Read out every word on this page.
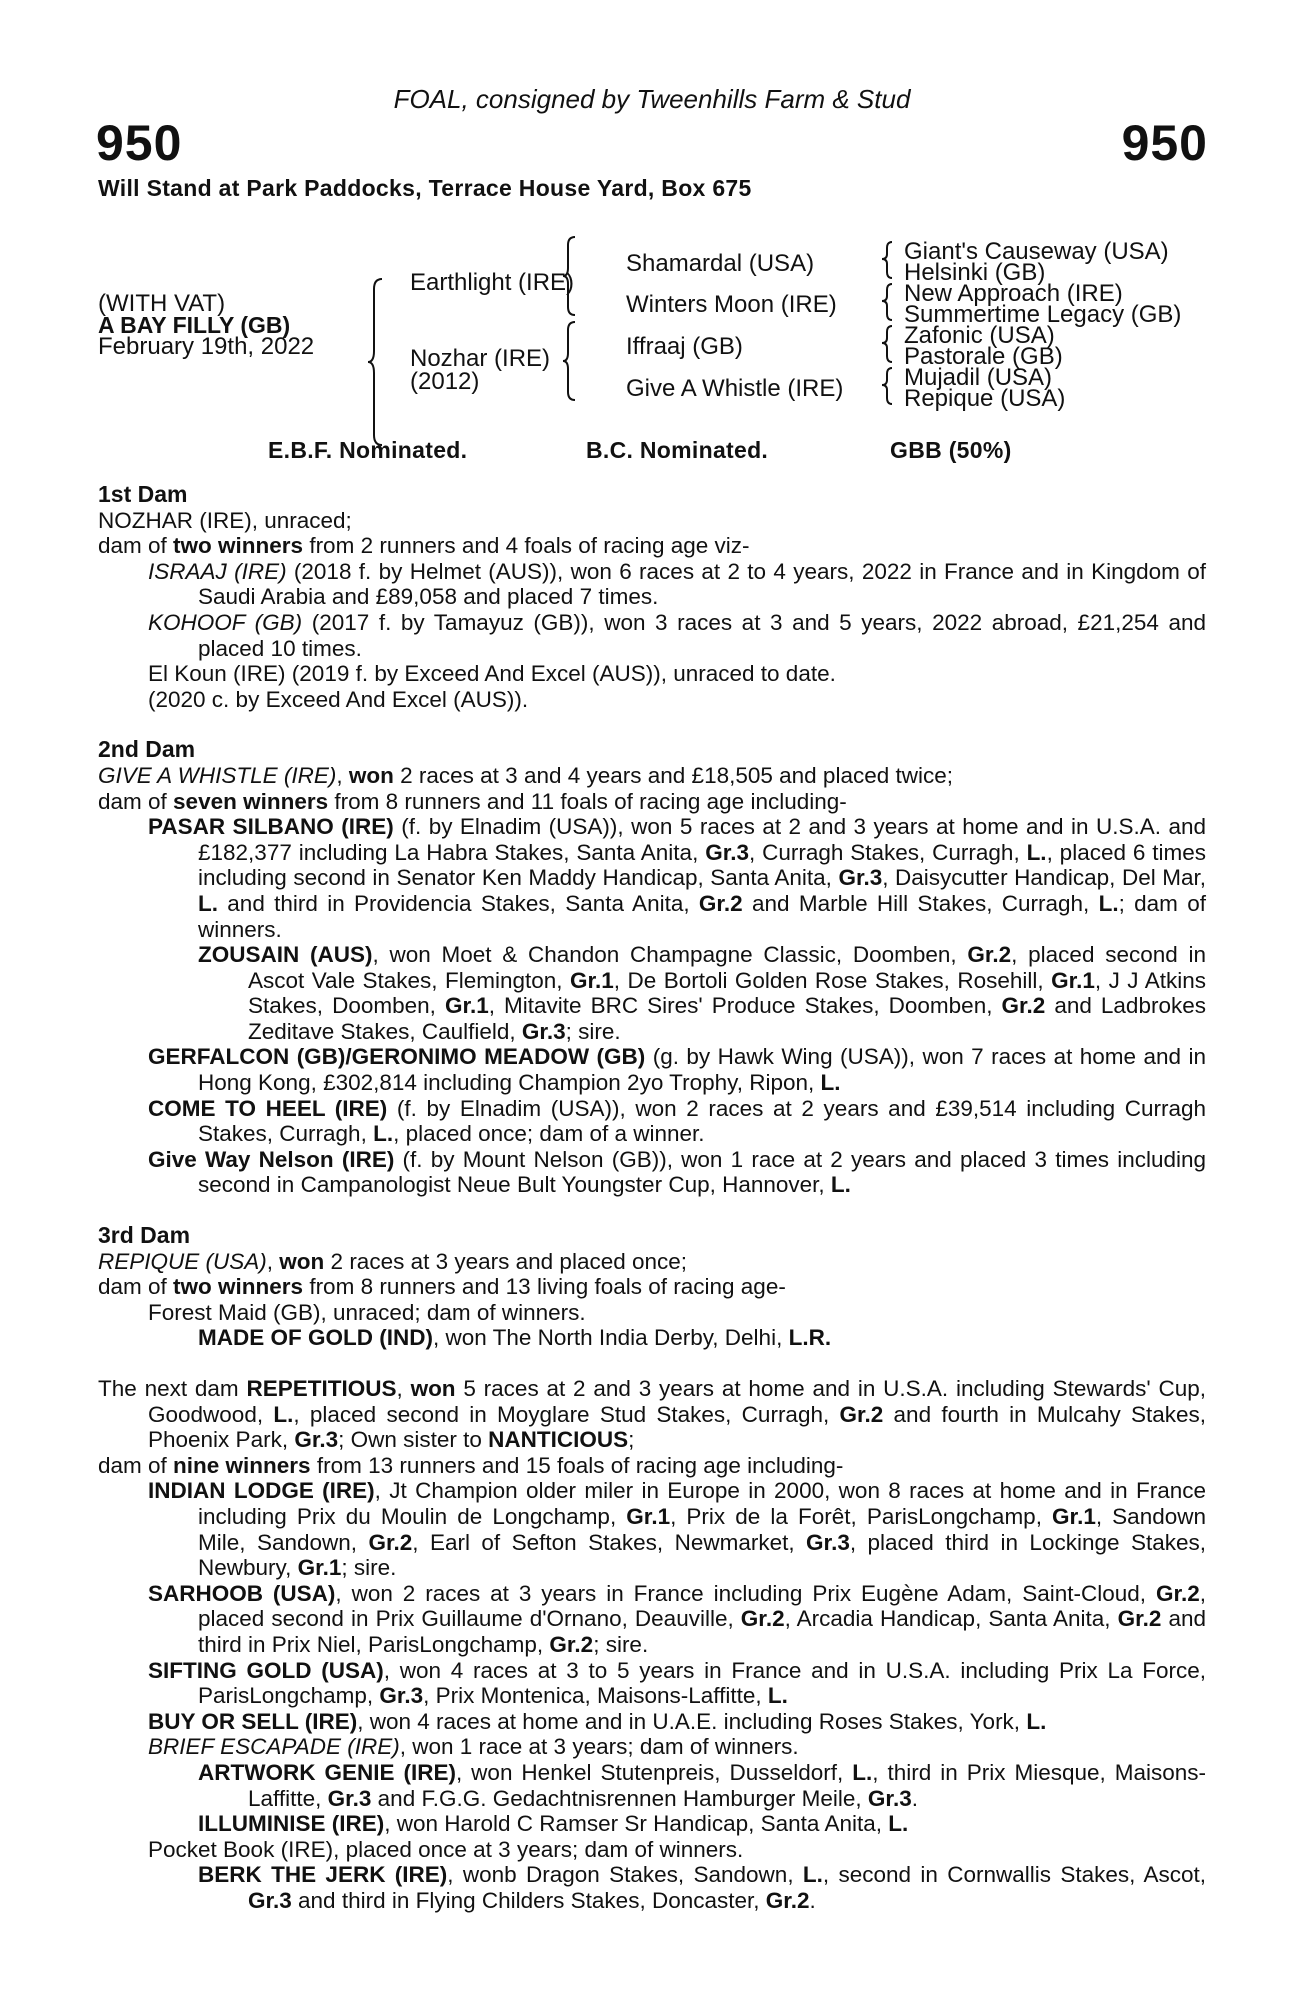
FOAL, consigned by Tweenhills Farm & Stud
950	950
Will Stand at Park Paddocks, Terrace House Yard, Box 675
(WITH VAT)
A BAY FILLY (GB)
February 19th, 2022
Earthlight (IRE)
Nozhar (IRE)
(2012)
Shamardal (USA)
Winters Moon (IRE)
Iffraaj (GB)
Give A Whistle (IRE)
Giant's Causeway (USA)
Helsinki (GB)
New Approach (IRE)
Summertime Legacy (GB)
Zafonic (USA)
Pastorale (GB)
Mujadil (USA)
Repique (USA)
E.B.F. Nominated.	B.C. Nominated.	GBB (50%)
1st Dam
NOZHAR (IRE), unraced;
dam of two winners from 2 runners and 4 foals of racing age viz-
ISRAAJ (IRE) (2018 f. by Helmet (AUS)), won 6 races at 2 to 4 years, 2022 in France and in Kingdom of Saudi Arabia and £89,058 and placed 7 times.
KOHOOF (GB) (2017 f. by Tamayuz (GB)), won 3 races at 3 and 5 years, 2022 abroad, £21,254 and placed 10 times.
El Koun (IRE) (2019 f. by Exceed And Excel (AUS)), unraced to date.
(2020 c. by Exceed And Excel (AUS)).
2nd Dam
GIVE A WHISTLE (IRE), won 2 races at 3 and 4 years and £18,505 and placed twice;
dam of seven winners from 8 runners and 11 foals of racing age including-
PASAR SILBANO (IRE) (f. by Elnadim (USA)), won 5 races at 2 and 3 years at home and in U.S.A. and £182,377 including La Habra Stakes, Santa Anita, Gr.3, Curragh Stakes, Curragh, L., placed 6 times including second in Senator Ken Maddy Handicap, Santa Anita, Gr.3, Daisycutter Handicap, Del Mar, L. and third in Providencia Stakes, Santa Anita, Gr.2 and Marble Hill Stakes, Curragh, L.; dam of winners.
ZOUSAIN (AUS), won Moet & Chandon Champagne Classic, Doomben, Gr.2, placed second in Ascot Vale Stakes, Flemington, Gr.1, De Bortoli Golden Rose Stakes, Rosehill, Gr.1, J J Atkins Stakes, Doomben, Gr.1, Mitavite BRC Sires' Produce Stakes, Doomben, Gr.2 and Ladbrokes Zeditave Stakes, Caulfield, Gr.3; sire.
GERFALCON (GB)/GERONIMO MEADOW (GB) (g. by Hawk Wing (USA)), won 7 races at home and in Hong Kong, £302,814 including Champion 2yo Trophy, Ripon, L.
COME TO HEEL (IRE) (f. by Elnadim (USA)), won 2 races at 2 years and £39,514 including Curragh Stakes, Curragh, L., placed once; dam of a winner.
Give Way Nelson (IRE) (f. by Mount Nelson (GB)), won 1 race at 2 years and placed 3 times including second in Campanologist Neue Bult Youngster Cup, Hannover, L.
3rd Dam
REPIQUE (USA), won 2 races at 3 years and placed once;
dam of two winners from 8 runners and 13 living foals of racing age-
Forest Maid (GB), unraced; dam of winners.
MADE OF GOLD (IND), won The North India Derby, Delhi, L.R.
The next dam REPETITIOUS, won 5 races at 2 and 3 years at home and in U.S.A. including Stewards' Cup, Goodwood, L., placed second in Moyglare Stud Stakes, Curragh, Gr.2 and fourth in Mulcahy Stakes, Phoenix Park, Gr.3; Own sister to NANTICIOUS;
dam of nine winners from 13 runners and 15 foals of racing age including-
INDIAN LODGE (IRE), Jt Champion older miler in Europe in 2000, won 8 races at home and in France including Prix du Moulin de Longchamp, Gr.1, Prix de la Forêt, ParisLongchamp, Gr.1, Sandown Mile, Sandown, Gr.2, Earl of Sefton Stakes, Newmarket, Gr.3, placed third in Lockinge Stakes, Newbury, Gr.1; sire.
SARHOOB (USA), won 2 races at 3 years in France including Prix Eugène Adam, Saint-Cloud, Gr.2, placed second in Prix Guillaume d'Ornano, Deauville, Gr.2, Arcadia Handicap, Santa Anita, Gr.2 and third in Prix Niel, ParisLongchamp, Gr.2; sire.
SIFTING GOLD (USA), won 4 races at 3 to 5 years in France and in U.S.A. including Prix La Force, ParisLongchamp, Gr.3, Prix Montenica, Maisons-Laffitte, L.
BUY OR SELL (IRE), won 4 races at home and in U.A.E. including Roses Stakes, York, L.
BRIEF ESCAPADE (IRE), won 1 race at 3 years; dam of winners.
ARTWORK GENIE (IRE), won Henkel Stutenpreis, Dusseldorf, L., third in Prix Miesque, Maisons-Laffitte, Gr.3 and F.G.G. Gedachtnisrennen Hamburger Meile, Gr.3.
ILLUMINISE (IRE), won Harold C Ramser Sr Handicap, Santa Anita, L.
Pocket Book (IRE), placed once at 3 years; dam of winners.
BERK THE JERK (IRE), wonb Dragon Stakes, Sandown, L., second in Cornwallis Stakes, Ascot, Gr.3 and third in Flying Childers Stakes, Doncaster, Gr.2.
